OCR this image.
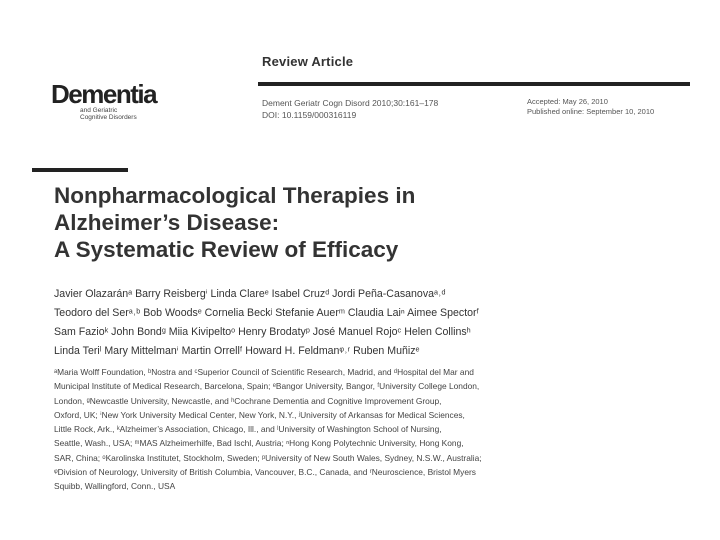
Review Article
Dementia
and Geriatric
Cognitive Disorders
Dement Geriatr Cogn Disord 2010;30:161–178
DOI: 10.1159/000316119
Accepted: May 26, 2010
Published online: September 10, 2010
Nonpharmacological Therapies in
Alzheimer’s Disease:
A Systematic Review of Efficacy
Javier Olazaránᵃ Barry Reisbergⁱ Linda Clareᵉ Isabel Cruzᵈ Jordi Peña-Casanovaᵃ˒ᵈ
Teodoro del Serᵃ˒ᵇ Bob Woodsᵉ Cornelia Beckʲ Stefanie Auerᵐ Claudia Laiⁿ Aimee Spectorᶠ
Sam Fazioᵏ John Bondᵍ Miia Kivipeltoᵒ Henry Brodatyᵖ José Manuel Rojoᶜ Helen Collinsʰ
Linda Teriˡ Mary Mittelmanⁱ Martin Orrellᶠ Howard H. Feldmanᵠ˒ʳ Ruben Muñizᵉ
ᵃMaria Wolff Foundation, ᵇNostra and ᶜSuperior Council of Scientific Research, Madrid, and ᵈHospital del Mar and
Municipal Institute of Medical Research, Barcelona, Spain; ᵉBangor University, Bangor, ᶠUniversity College London,
London, ᵍNewcastle University, Newcastle, and ʰCochrane Dementia and Cognitive Improvement Group,
Oxford, UK; ⁱNew York University Medical Center, New York, N.Y., ʲUniversity of Arkansas for Medical Sciences,
Little Rock, Ark., ᵏAlzheimer’s Association, Chicago, Ill., and ˡUniversity of Washington School of Nursing,
Seattle, Wash., USA; ᵐMAS Alzheimerhilfe, Bad Ischl, Austria; ⁿHong Kong Polytechnic University, Hong Kong,
SAR, China; ᵒKarolinska Institutet, Stockholm, Sweden; ᵖUniversity of New South Wales, Sydney, N.S.W., Australia;
ᵠDivision of Neurology, University of British Columbia, Vancouver, B.C., Canada, and ʳNeuroscience, Bristol Myers
Squibb, Wallingford, Conn., USA
